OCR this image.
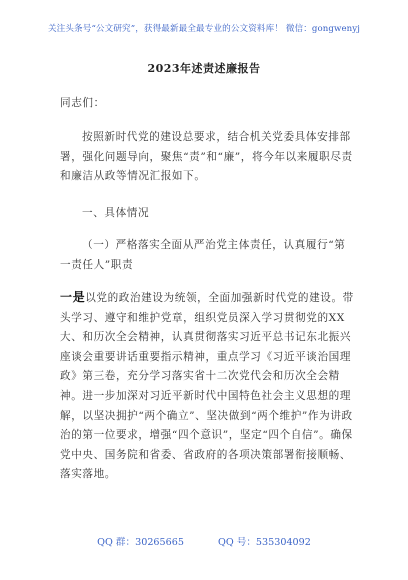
关注头条号“公文研究”，获得最新最全最专业的公文资料库！ 微信：gongwenyj
2023年述责述廉报告
同志们：
按照新时代党的建设总要求，结合机关党委具体安排部署，强化问题导向，聚焦“责”和“廉”，将今年以来履职尽责和廉洁从政等情况汇报如下。
一、具体情况
（一）严格落实全面从严治党主体责任，认真履行“第一责任人”职责
一是以党的政治建设为统领，全面加强新时代党的建设。带头学习、遵守和维护党章，组织党员深入学习贯彻党的XX大、和历次全会精神，认真贯彻落实习近平总书记东北振兴座谈会重要讲话重要指示精神，重点学习《习近平谈治国理政》第三卷，充分学习落实省十二次党代会和历次全会精神。进一步加深对习近平新时代中国特色社会主义思想的理解，以坚决拥护“两个确立”、坚决做到“两个维护”作为讲政治的第一位要求，增强“四个意识”，坚定“四个自信”。确保党中央、国务院和省委、省政府的各项决策部署衔接顺畅、落实落地。
QQ 群：30265665	QQ 号：535304092
